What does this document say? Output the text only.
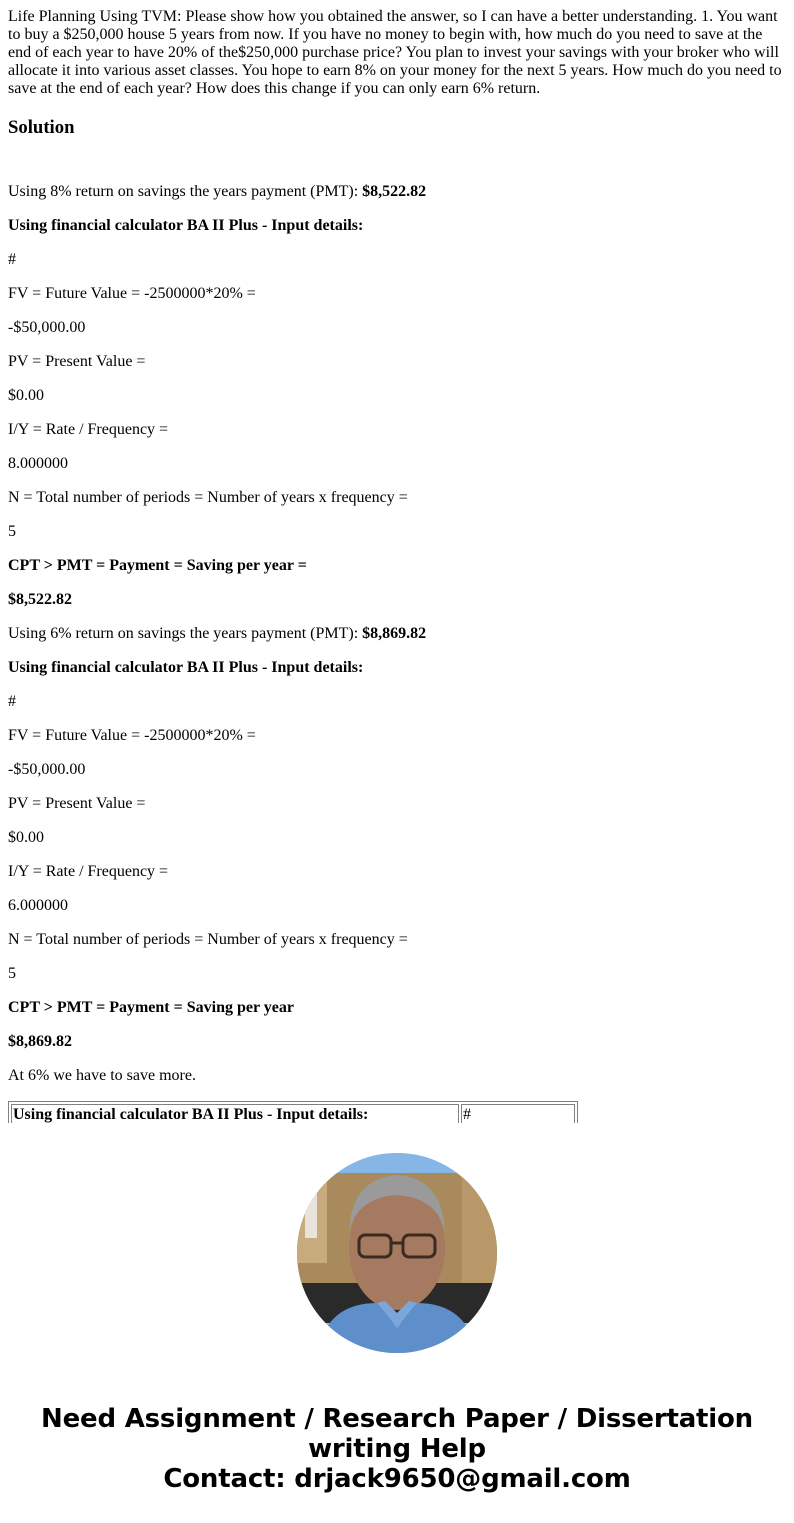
Life Planning Using TVM: Please show how you obtained the answer, so I can have a better understanding. 1. You want to buy a $250,000 house 5 years from now. If you have no money to begin with, how much do you need to save at the end of each year to have 20% of the$250,000 purchase price? You plan to invest your savings with your broker who will allocate it into various asset classes. You hope to earn 8% on your money for the next 5 years. How much do you need to save at the end of each year? How does this change if you can only earn 6% return.
Solution

Using 8% return on savings the years payment (PMT): $8,522.82

Using financial calculator BA II Plus - Input details:

#

FV = Future Value = -2500000*20% =

-$50,000.00

PV = Present Value =

$0.00

I/Y = Rate / Frequency =

8.000000

N = Total number of periods = Number of years x frequency =

5

CPT > PMT = Payment = Saving per year =

$8,522.82

Using 6% return on savings the years payment (PMT): $8,869.82

Using financial calculator BA II Plus - Input details:

#

FV = Future Value = -2500000*20% =

-$50,000.00

PV = Present Value =

$0.00

I/Y = Rate / Frequency =

6.000000

N = Total number of periods = Number of years x frequency =

5

CPT > PMT = Payment = Saving per year

$8,869.82

At 6% we have to save more.

Using financial calculator BA II Plus - Input details:	#
Need Assignment / Research Paper / Dissertation
writing Help
Contact: drjack9650@gmail.com
